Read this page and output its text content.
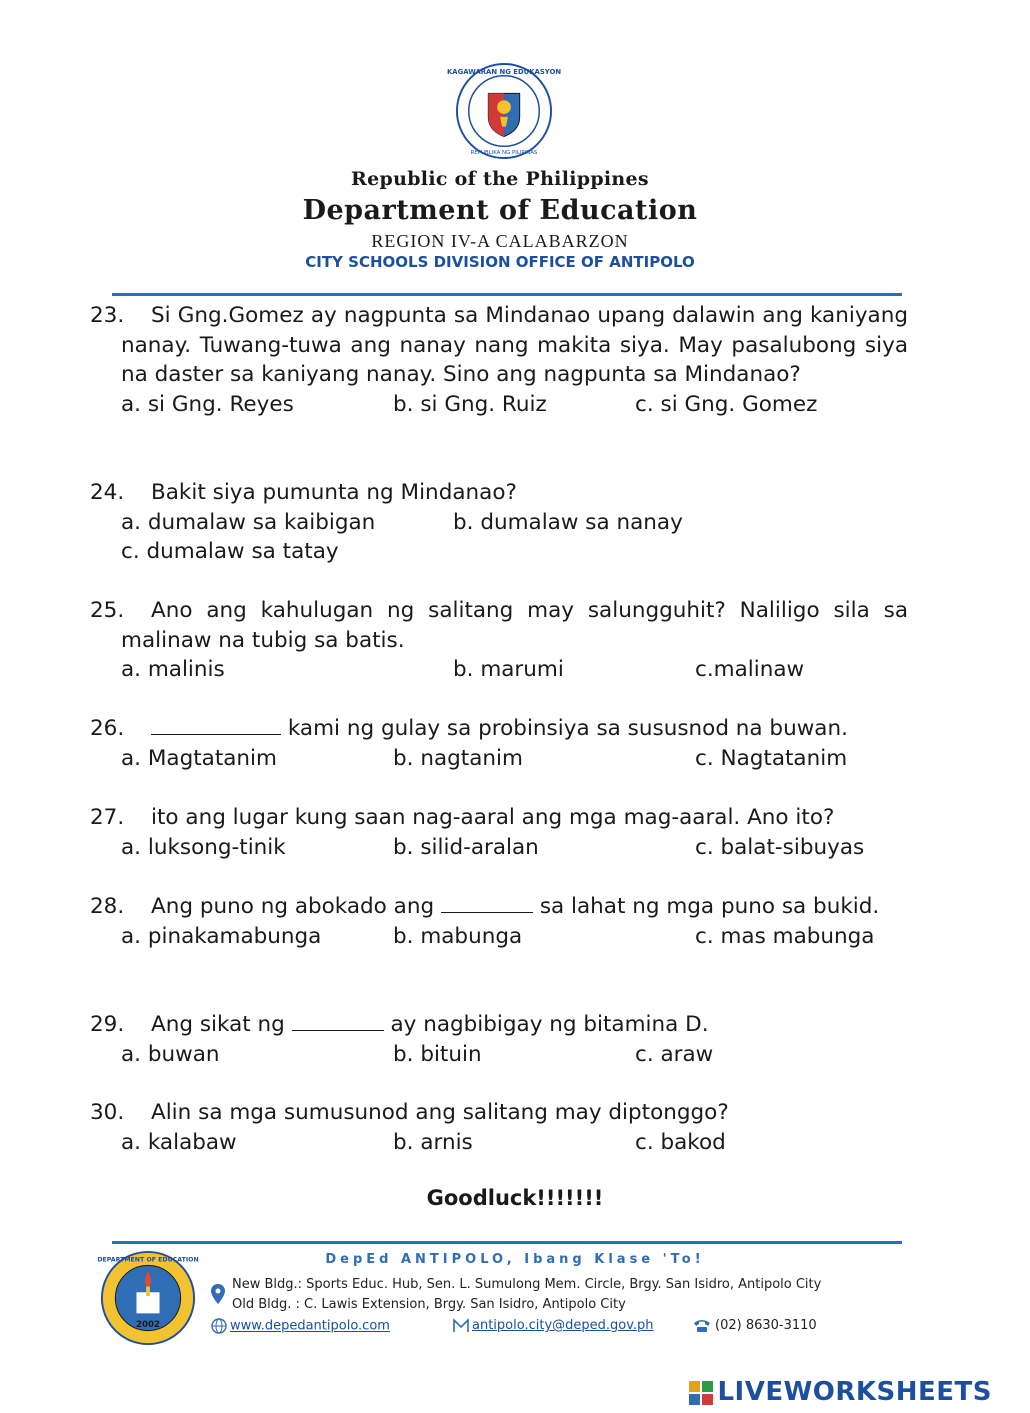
KAGAWARAN NG EDUKASYON
REPUBLIKA NG PILIPINAS
Republic of the Philippines
Department of Education
REGION IV-A CALABARZON
CITY SCHOOLS DIVISION OFFICE OF ANTIPOLO
23. Si Gng.Gomez ay nagpunta sa Mindanao upang dalawin ang kaniyang nanay. Tuwang-tuwa ang nanay nang makita siya. May pasalubong siya na daster sa kaniyang nanay. Sino ang nagpunta sa Mindanao?
a. si Gng. Reyes	b. si Gng. Ruiz	c. si Gng. Gomez
24. Bakit siya pumunta ng Mindanao?
a. dumalaw sa kaibigan	b. dumalaw sa nanay
c. dumalaw sa tatay
25. Ano ang kahulugan ng salitang may salungguhit? Naliligo sila sa malinaw na tubig sa batis.
a. malinis	b. marumi	c.malinaw
26.	kami ng gulay sa probinsiya sa sususnod na buwan.
a. Magtatanim	b. nagtanim	c. Nagtatanim
27. ito ang lugar kung saan nag-aaral ang mga mag-aaral. Ano ito?
a. luksong-tinik	b. silid-aralan	c. balat-sibuyas
28. Ang puno ng abokado ang	sa lahat ng mga puno sa bukid.
a. pinakamabunga	b. mabunga	c. mas mabunga
29. Ang sikat ng	ay nagbibigay ng bitamina D.
a. buwan	b. bituin	c. araw
30. Alin sa mga sumusunod ang salitang may diptonggo?
a. kalabaw	b. arnis	c. bakod
Goodluck!!!!!!!
DEPARTMENT OF EDUCATION
2002
DepEd ANTIPOLO, Ibang Klase 'To!
New Bldg.: Sports Educ. Hub, Sen. L. Sumulong Mem. Circle, Brgy. San Isidro, Antipolo City
Old Bldg. : C. Lawis Extension, Brgy. San Isidro, Antipolo City
www.depedantipolo.com	antipolo.city@deped.gov.ph	(02) 8630-3110
LIVEWORKSHEETS
